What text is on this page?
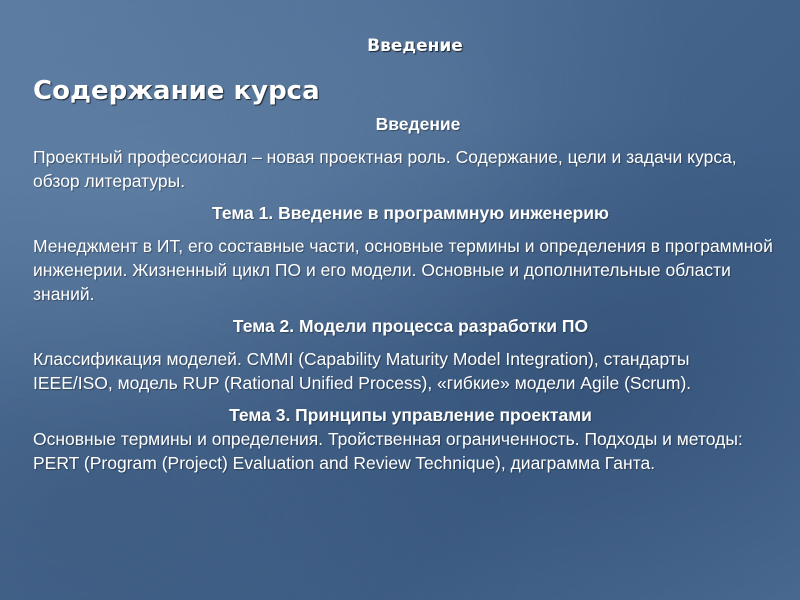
Введение
Содержание курса
Введение

Проектный профессионал – новая проектная роль. Содержание, цели и задачи курса, обзор литературы.

Тема 1. Введение в программную инженерию

Менеджмент в ИТ, его составные части, основные термины и определения в программной инженерии. Жизненный цикл ПО и его модели. Основные и дополнительные области знаний.

Тема 2. Модели процесса разработки ПО

Классификация моделей. CMMI (Capability Maturity Model Integration), стандарты IEEE/ISO, модель RUP (Rational Unified Process), «гибкие» модели Agile (Scrum).

Тема 3. Принципы управление проектами

Основные термины и определения. Тройственная ограниченность. Подходы и методы: PERT (Program (Project) Evaluation and Review Technique), диаграмма Ганта.
